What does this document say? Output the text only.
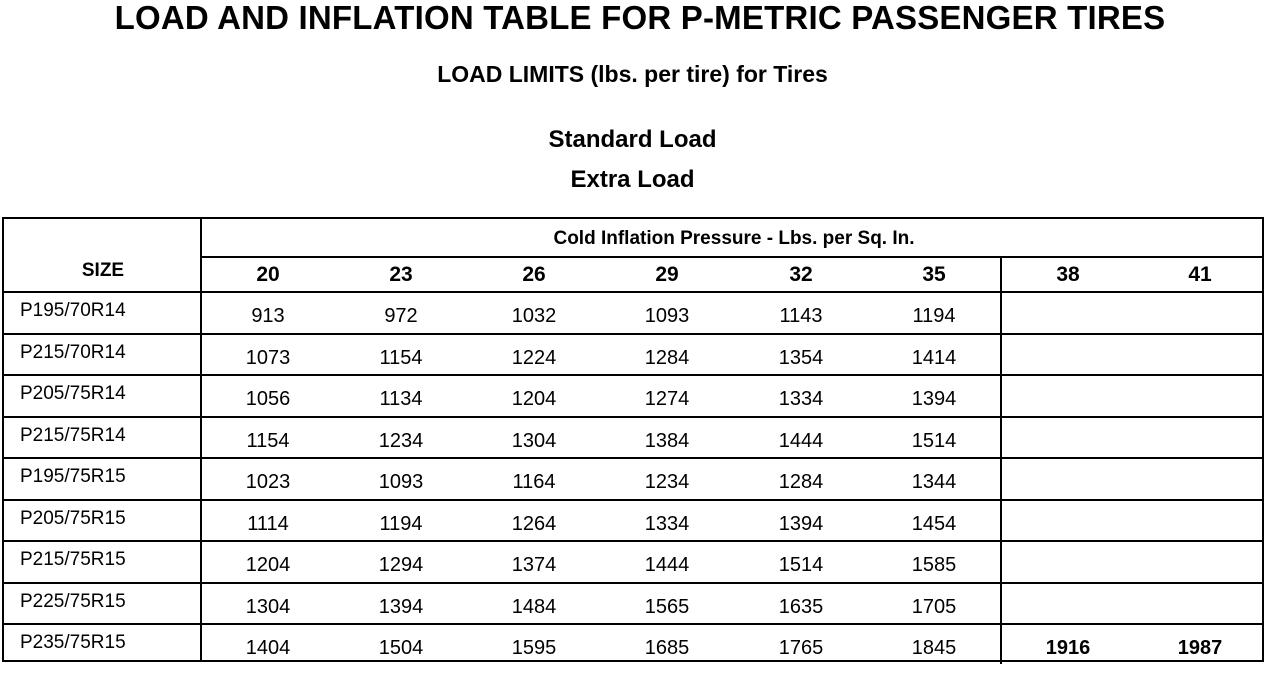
LOAD AND INFLATION TABLE FOR P-METRIC PASSENGER TIRES
LOAD LIMITS (lbs. per tire) for Tires
Standard Load
Extra Load
Cold Inflation Pressure - Lbs. per Sq. In.
SIZE	20	23	26	29	32	35	38	41
P195/70R14	913	972	1032	1093	1143	1194
P215/70R14	1073	1154	1224	1284	1354	1414
P205/75R14	1056	1134	1204	1274	1334	1394
P215/75R14	1154	1234	1304	1384	1444	1514
P195/75R15	1023	1093	1164	1234	1284	1344
P205/75R15	1114	1194	1264	1334	1394	1454
P215/75R15	1204	1294	1374	1444	1514	1585
P225/75R15	1304	1394	1484	1565	1635	1705
P235/75R15	1404	1504	1595	1685	1765	1845	1916	1987
